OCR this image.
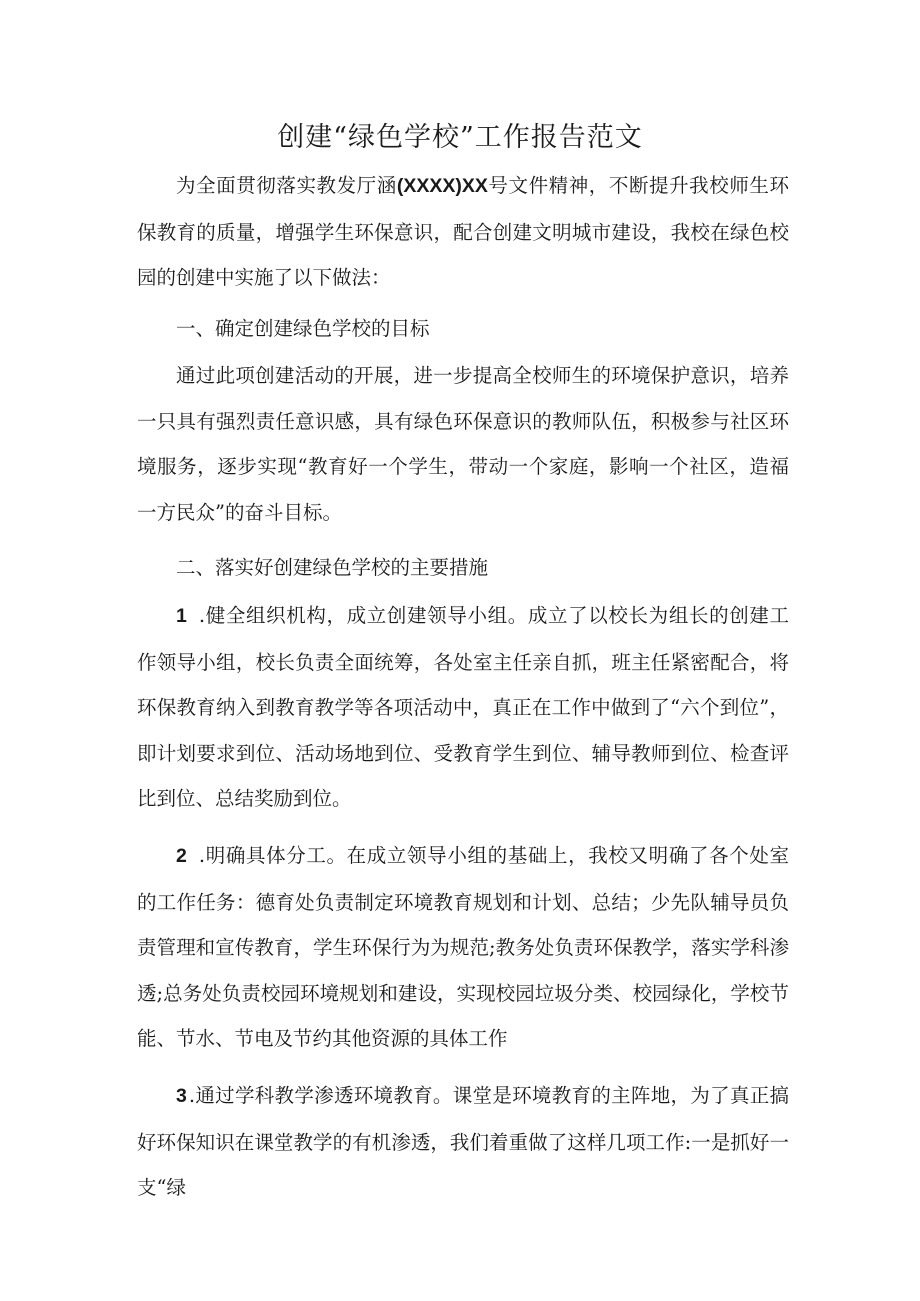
创建“绿色学校”工作报告范文

为全面贯彻落实教发厅涵(XXXX)XX号文件精神，不断提升我校师生环保教育的质量，增强学生环保意识，配合创建文明城市建设，我校在绿色校园的创建中实施了以下做法：

一、确定创建绿色学校的目标

通过此项创建活动的开展，进一步提高全校师生的环境保护意识，培养一只具有强烈责任意识感，具有绿色环保意识的教师队伍，积极参与社区环境服务，逐步实现“教育好一个学生，带动一个家庭，影响一个社区，造福一方民众”的奋斗目标。

二、落实好创建绿色学校的主要措施

1 .健全组织机构，成立创建领导小组。成立了以校长为组长的创建工作领导小组，校长负责全面统筹，各处室主任亲自抓，班主任紧密配合，将环保教育纳入到教育教学等各项活动中，真正在工作中做到了“六个到位”，即计划要求到位、活动场地到位、受教育学生到位、辅导教师到位、检查评比到位、总结奖励到位。

2 .明确具体分工。在成立领导小组的基础上，我校又明确了各个处室的工作任务：德育处负责制定环境教育规划和计划、总结；少先队辅导员负责管理和宣传教育，学生环保行为为规范;教务处负责环保教学，落实学科渗透;总务处负责校园环境规划和建设，实现校园垃圾分类、校园绿化，学校节能、节水、节电及节约其他资源的具体工作

3 .通过学科教学渗透环境教育。课堂是环境教育的主阵地，为了真正搞好环保知识在课堂教学的有机渗透，我们着重做了这样几项工作:一是抓好一支“绿
